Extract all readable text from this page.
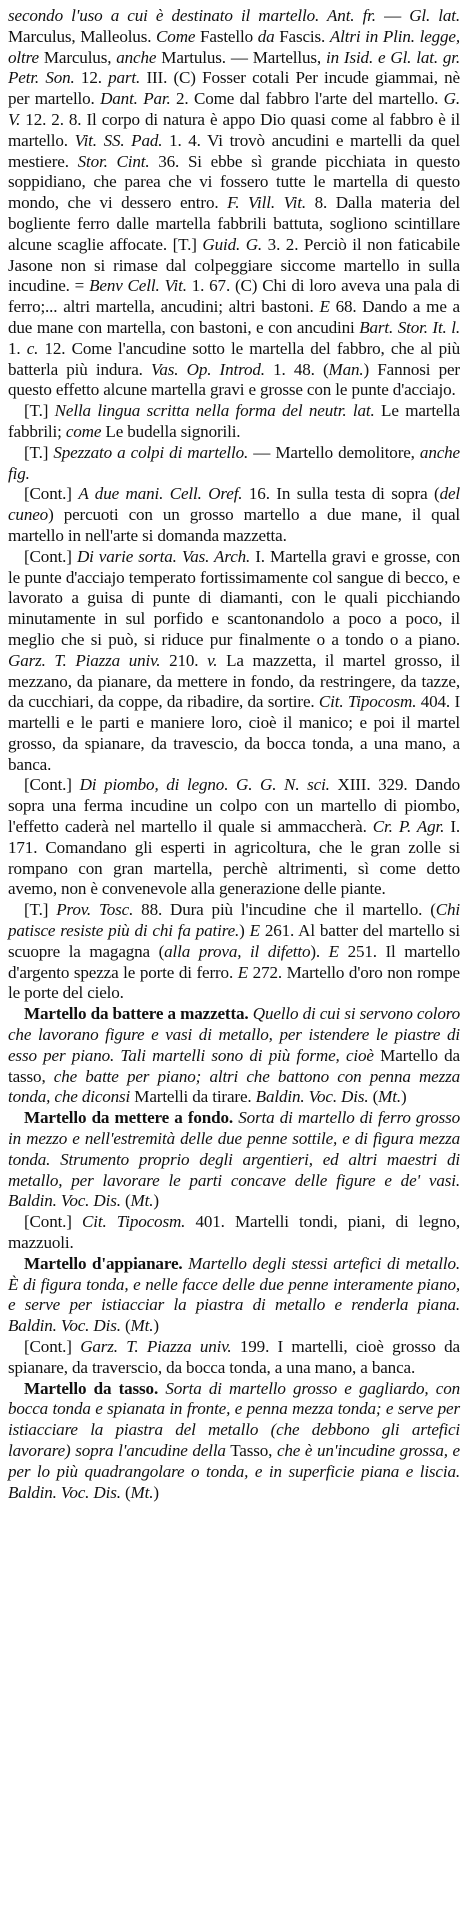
secondo l'uso a cui è destinato il martello. Ant. fr. — Gl. lat. Marculus, Malleolus. Come Fastello da Fascis. Altri in Plin. legge, oltre Marculus, anche Martulus. — Martellus, in Isid. e Gl. lat. gr. Petr. Son. 12. part. III. (C) Fosser cotali Per incude giammai, nè per martello. Dant. Par. 2. Come dal fabbro l'arte del martello. G. V. 12. 2. 8. Il corpo di natura è appo Dio quasi come al fabbro è il martello. Vit. SS. Pad. 1. 4. Vi trovò ancudini e martelli da quel mestiere. Stor. Cint. 36. Si ebbe sì grande picchiata in questo soppidiano, che parea che vi fossero tutte le martella di questo mondo, che vi dessero entro. F. Vill. Vit. 8. Dalla materia del bogliente ferro dalle martella fabbrili battuta, sogliono scintillare alcune scaglie affocate. [T.] Guid. G. 3. 2. Perciò il non faticabile Jasone non si rimase dal colpeggiare siccome martello in sulla incudine. = Benv Cell. Vit. 1. 67. (C) Chi di loro aveva una pala di ferro;... altri martella, ancudini; altri bastoni. E 68. Dando a me a due mane con martella, con bastoni, e con ancudini Bart. Stor. It. l. 1. c. 12. Come l'ancudine sotto le martella del fabbro, che al più batterla più indura. Vas. Op. Introd. 1. 48. (Man.) Fannosi per questo effetto alcune martella gravi e grosse con le punte d'acciajo.

[T.] Nella lingua scritta nella forma del neutr. lat. Le martella fabbrili; come Le budella signorili.

[T.] Spezzato a colpi di martello. — Martello demolitore, anche fig.

[Cont.] A due mani. Cell. Oref. 16. In sulla testa di sopra (del cuneo) percuoti con un grosso martello a due mane, il qual martello in nell'arte si domanda mazzetta.

[Cont.] Di varie sorta. Vas. Arch. I. Martella gravi e grosse, con le punte d'acciajo temperato fortissimamente col sangue di becco, e lavorato a guisa di punte di diamanti, con le quali picchiando minutamente in sul porfido e scantonandolo a poco a poco, il meglio che si può, si riduce pur finalmente o a tondo o a piano. Garz. T. Piazza univ. 210. v. La mazzetta, il martel grosso, il mezzano, da pianare, da mettere in fondo, da restringere, da tazze, da cucchiari, da coppe, da ribadire, da sortire. Cit. Tipocosm. 404. I martelli e le parti e maniere loro, cioè il manico; e poi il martel grosso, da spianare, da travescio, da bocca tonda, a una mano, a banca.

[Cont.] Di piombo, di legno. G. G. N. sci. XIII. 329. Dando sopra una ferma incudine un colpo con un martello di piombo, l'effetto caderà nel martello il quale si ammaccherà. Cr. P. Agr. I. 171. Comandano gli esperti in agricoltura, che le gran zolle si rompano con gran martella, perchè altrimenti, sì come detto avemo, non è convenevole alla generazione delle piante.

[T.] Prov. Tosc. 88. Dura più l'incudine che il martello. (Chi patisce resiste più di chi fa patire.) E 261. Al batter del martello si scuopre la magagna (alla prova, il difetto). E 251. Il martello d'argento spezza le porte di ferro. E 272. Martello d'oro non rompe le porte del cielo.

Martello da battere a mazzetta. Quello di cui si servono coloro che lavorano figure e vasi di metallo, per istendere le piastre di esso per piano. Tali martelli sono di più forme, cioè Martello da tasso, che batte per piano; altri che battono con penna mezza tonda, che diconsi Martelli da tirare. Baldin. Voc. Dis. (Mt.)

Martello da mettere a fondo. Sorta di martello di ferro grosso in mezzo e nell'estremità delle due penne sottile, e di figura mezza tonda. Strumento proprio degli argentieri, ed altri maestri di metallo, per lavorare le parti concave delle figure e de' vasi. Baldin. Voc. Dis. (Mt.)

[Cont.] Cit. Tipocosm. 401. Martelli tondi, piani, di legno, mazzuoli.

Martello d'appianare. Martello degli stessi artefici di metallo. È di figura tonda, e nelle facce delle due penne interamente piano, e serve per istiacciar la piastra di metallo e renderla piana. Baldin. Voc. Dis. (Mt.)

[Cont.] Garz. T. Piazza univ. 199. I martelli, cioè grosso da spianare, da traverscio, da bocca tonda, a una mano, a banca.

Martello da tasso. Sorta di martello grosso e gagliardo, con bocca tonda e spianata in fronte, e penna mezza tonda; e serve per istiacciare la piastra del metallo (che debbono gli artefici lavorare) sopra l'ancudine della Tasso, che è un'incudine grossa, e per lo più quadrangolare o tonda, e in superficie piana e liscia. Baldin. Voc. Dis. (Mt.)
